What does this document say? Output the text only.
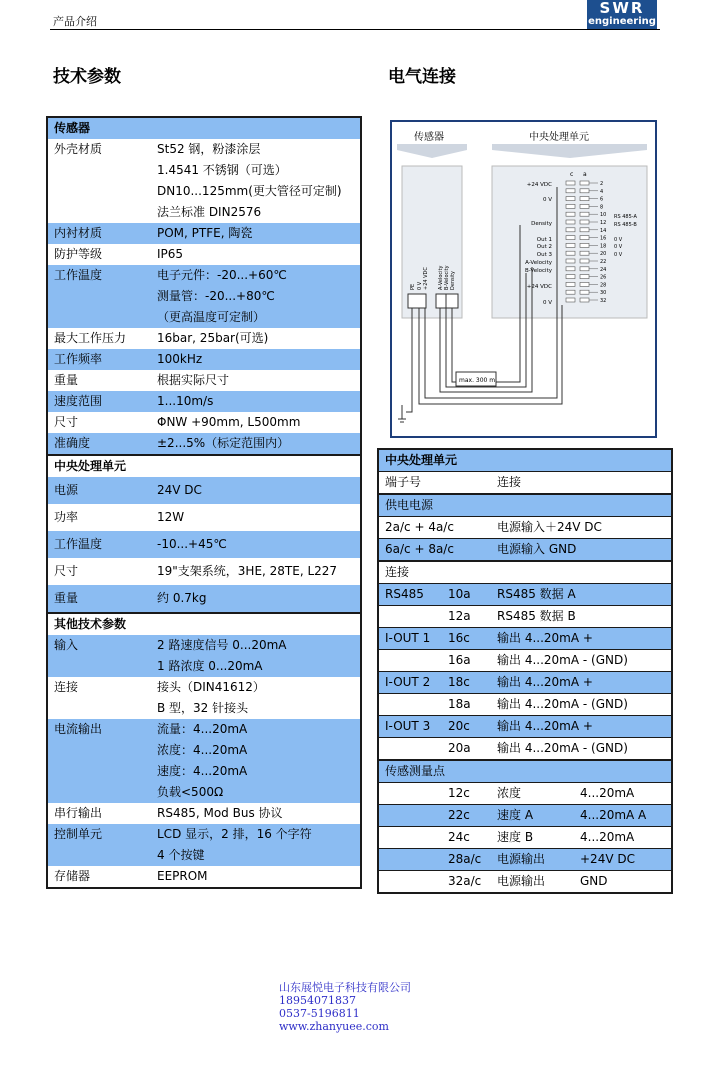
产品介绍
SWR
engineering
技术参数	电气连接
传感器	
外壳材质	St52 钢，粉漆涂层
1.4541 不锈钢（可选）
DN10...125mm(更大管径可定制)
法兰标准 DIN2576

内衬材质	POM, PTFE, 陶瓷

防护等级	IP65

工作温度	电子元件：-20...+60℃
测量管：-20...+80℃
（更高温度可定制）

最大工作压力	16bar, 25bar(可选)

工作频率	100kHz

重量	根据实际尺寸

速度范围	1...10m/s

尺寸	ΦNW +90mm, L500mm

准确度	±2...5%（标定范围内）

中央处理单元	
电源	24V DC

功率	12W

工作温度	-10...+45℃

尺寸	19"支架系统，3HE, 28TE, L227

重量	约 0.7kg

其他技术参数	
输入	2 路速度信号 0...20mA
1 路浓度 0...20mA

连接	接头（DIN41612）
B 型，32 针接头

电流输出	流量：4...20mA
浓度：4...20mA
速度：4...20mA
负载<500Ω

串行输出	RS485, Mod Bus 协议

控制单元	LCD 显示，2 排，16 个字符
4 个按键

存储器	EEPROM
传感器	中央处理单元
c a
2
4
6
8
10
12
14
16
18
20
22
24
26
28
30
32
+24 VDC
0 V
Density
Out 1
Out 2
Out 3
A-Velocity
B-Velocity
+24 VDC
0 V
RS 485-A
RS 485-B
0 V
0 V
0 V
PE 0 V +24 VDC A-Velocity B-Velocity Density
max. 300 m
中央处理单元			
端子号		连接	
供电电源			
2a/c + 4a/c		电源输入＋24V DC	
6a/c + 8a/c		电源输入 GND	
连接			
RS485	10a	RS485 数据 A	
	12a	RS485 数据 B	
I-OUT 1	16c	输出 4...20mA +	
	16a	输出 4...20mA - (GND)	
I-OUT 2	18c	输出 4...20mA +	
	18a	输出 4...20mA - (GND)	
I-OUT 3	20c	输出 4...20mA +	
	20a	输出 4...20mA - (GND)	
传感测量点			
	12c	浓度	4...20mA
	22c	速度 A	4...20mA A
	24c	速度 B	4...20mA
	28a/c	电源输出	+24V DC
	32a/c	电源输出	GND
山东展悦电子科技有限公司
18954071837
0537-5196811
www.zhanyuee.com
